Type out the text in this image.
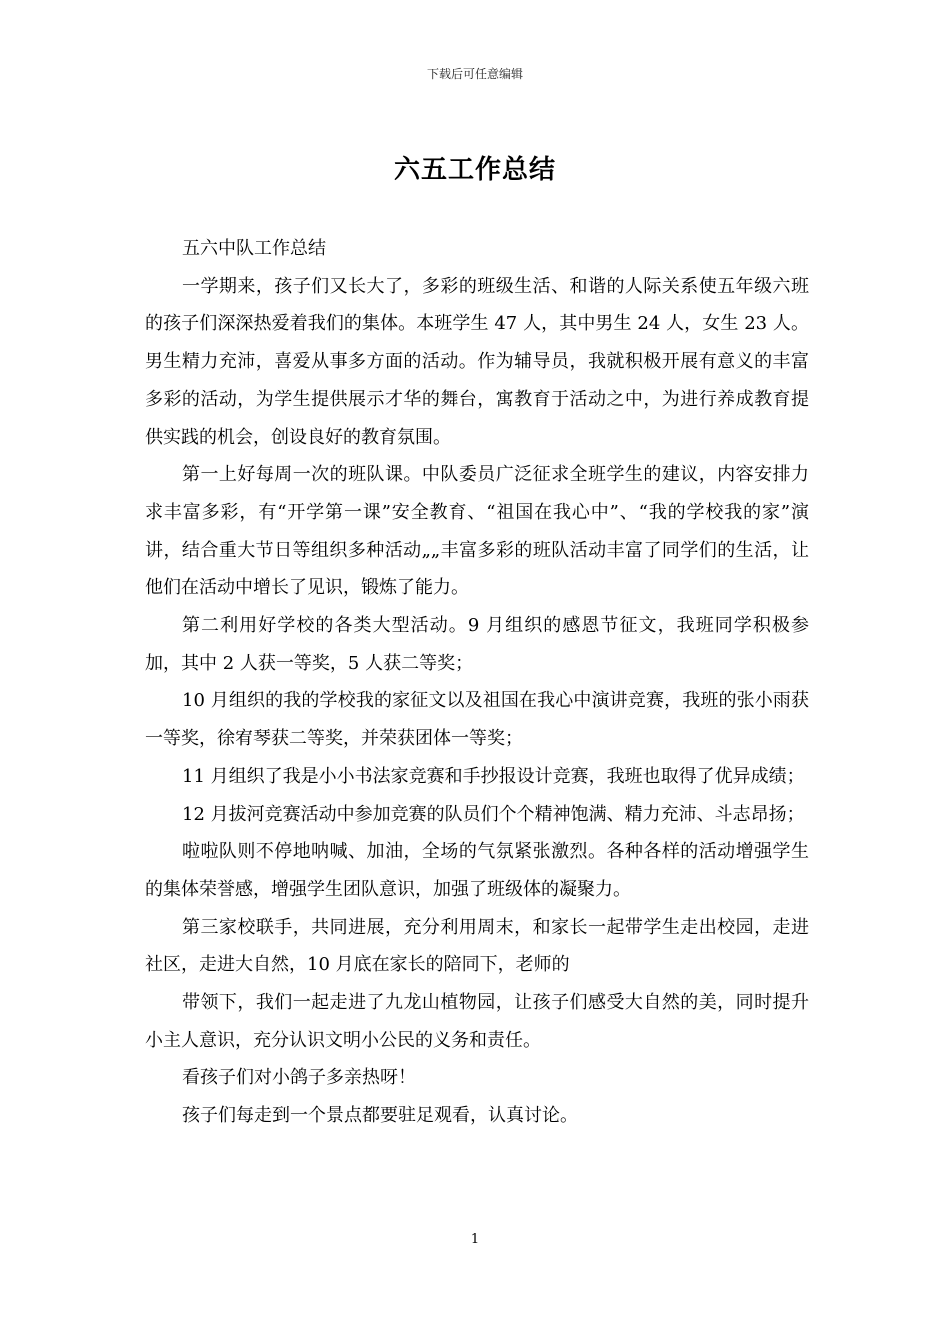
下载后可任意编辑
六五工作总结

五六中队工作总结

一学期来，孩子们又长大了，多彩的班级生活、和谐的人际关系使五年级六班的孩子们深深热爱着我们的集体。本班学生 47 人，其中男生 24 人，女生 23 人。男生精力充沛，喜爱从事多方面的活动。作为辅导员，我就积极开展有意义的丰富多彩的活动，为学生提供展示才华的舞台，寓教育于活动之中，为进行养成教育提供实践的机会，创设良好的教育氛围。

第一上好每周一次的班队课。中队委员广泛征求全班学生的建议，内容安排力求丰富多彩，有“开学第一课”安全教育、“祖国在我心中”、“我的学校我的家”演讲，结合重大节日等组织多种活动„„丰富多彩的班队活动丰富了同学们的生活，让他们在活动中增长了见识，锻炼了能力。

第二利用好学校的各类大型活动。9 月组织的感恩节征文，我班同学积极参加，其中 2 人获一等奖，5 人获二等奖；

10 月组织的我的学校我的家征文以及祖国在我心中演讲竞赛，我班的张小雨获一等奖，徐宥琴获二等奖，并荣获团体一等奖；

11 月组织了我是小小书法家竞赛和手抄报设计竞赛，我班也取得了优异成绩；

12 月拔河竞赛活动中参加竞赛的队员们个个精神饱满、精力充沛、斗志昂扬；

啦啦队则不停地呐喊、加油，全场的气氛紧张激烈。各种各样的活动增强学生的集体荣誉感，增强学生团队意识，加强了班级体的凝聚力。

第三家校联手，共同进展，充分利用周末，和家长一起带学生走出校园，走进社区，走进大自然，10 月底在家长的陪同下，老师的

带领下，我们一起走进了九龙山植物园，让孩子们感受大自然的美，同时提升小主人意识，充分认识文明小公民的义务和责任。

看孩子们对小鸽子多亲热呀！

孩子们每走到一个景点都要驻足观看，认真讨论。

1
